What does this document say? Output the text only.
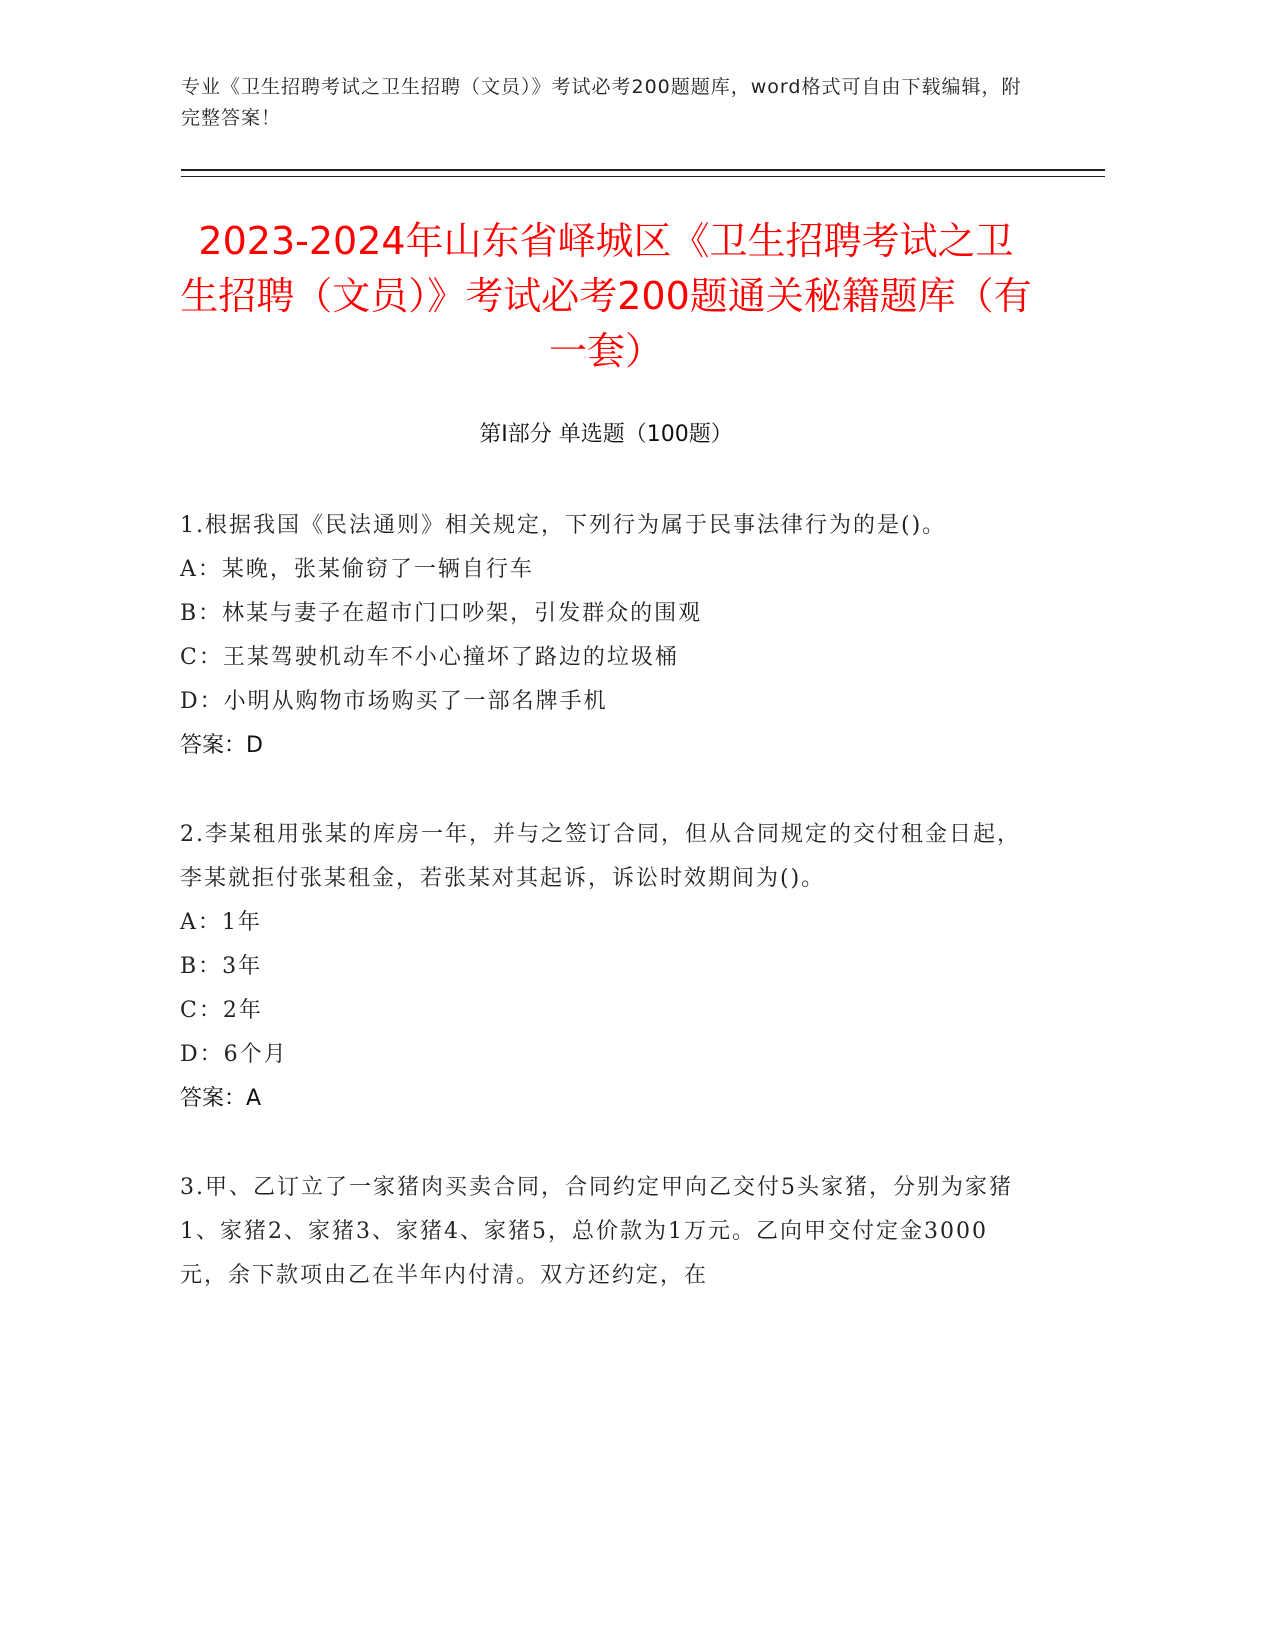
专业《卫生招聘考试之卫生招聘（文员）》考试必考200题题库，word格式可自由下载编辑，附完整答案！
2023-2024年山东省峄城区《卫生招聘考试之卫生招聘（文员）》考试必考200题通关秘籍题库（有一套）
第I部分 单选题（100题）

1.根据我国《民法通则》相关规定，下列行为属于民事法律行为的是()。

A：某晚，张某偷窃了一辆自行车

B：林某与妻子在超市门口吵架，引发群众的围观

C：王某驾驶机动车不小心撞坏了路边的垃圾桶

D：小明从购物市场购买了一部名牌手机

答案：D

2.李某租用张某的库房一年，并与之签订合同，但从合同规定的交付租金日起，李某就拒付张某租金，若张某对其起诉，诉讼时效期间为()。

A：1年

B：3年

C：2年

D：6个月

答案：A

3.甲、乙订立了一家猪肉买卖合同，合同约定甲向乙交付5头家猪，分别为家猪1、家猪2、家猪3、家猪4、家猪5，总价款为1万元。乙向甲交付定金3000元，余下款项由乙在半年内付清。双方还约定，在
